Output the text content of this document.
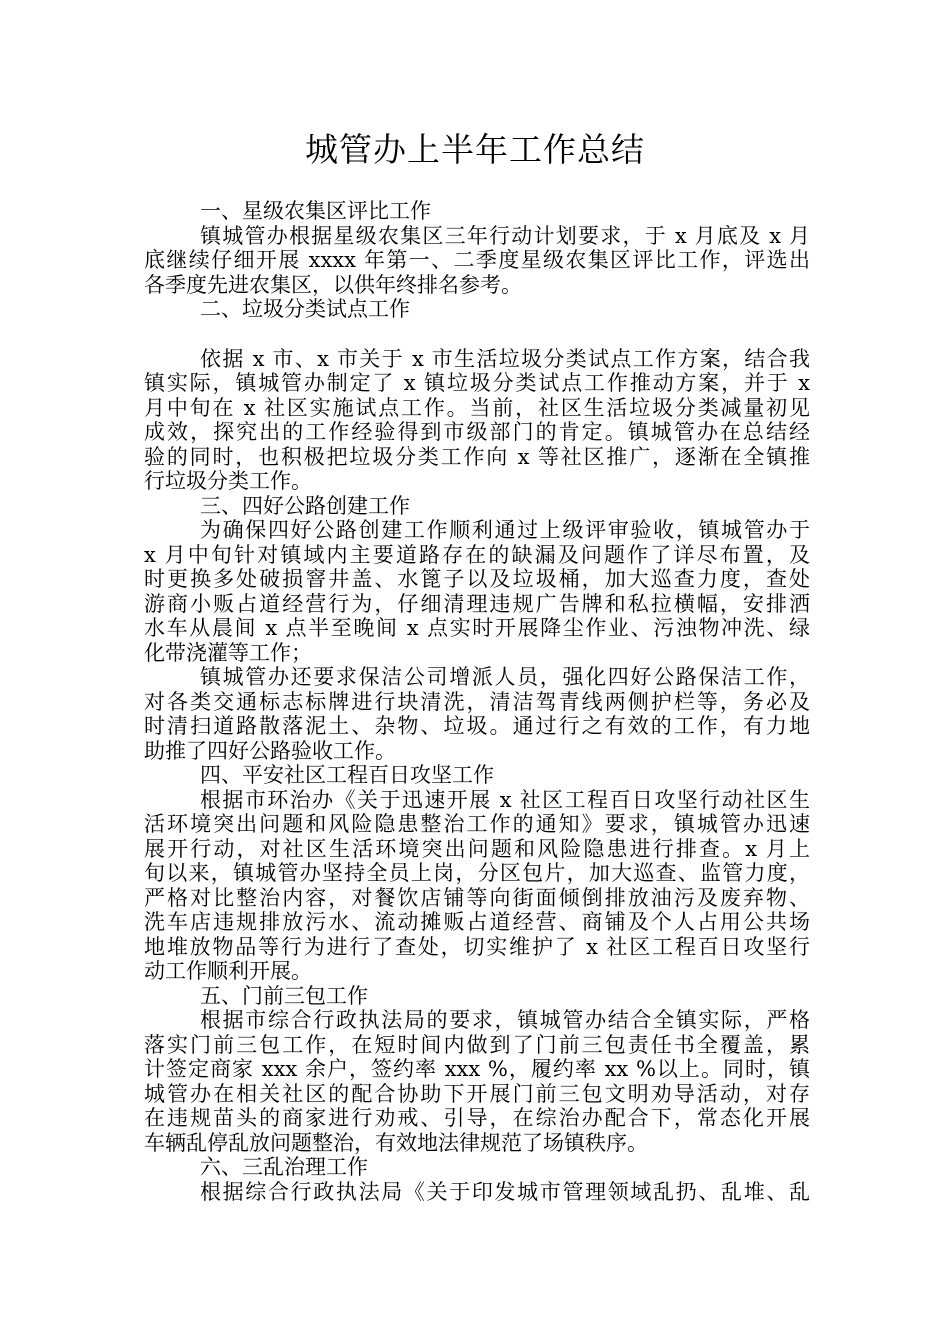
城管办上半年工作总结
一、星级农集区评比工作
镇城管办根据星级农集区三年行动计划要求，于 x 月底及 x 月
底继续仔细开展 xxxx 年第一、二季度星级农集区评比工作，评选出
各季度先进农集区，以供年终排名参考。
二、垃圾分类试点工作
依据 x 市、x 市关于 x 市生活垃圾分类试点工作方案，结合我
镇实际，镇城管办制定了 x 镇垃圾分类试点工作推动方案，并于 x
月中旬在 x 社区实施试点工作。当前，社区生活垃圾分类减量初见
成效，探究出的工作经验得到市级部门的肯定。镇城管办在总结经
验的同时，也积极把垃圾分类工作向 x 等社区推广，逐渐在全镇推
行垃圾分类工作。
三、四好公路创建工作
为确保四好公路创建工作顺利通过上级评审验收，镇城管办于
x 月中旬针对镇域内主要道路存在的缺漏及问题作了详尽布置，及
时更换多处破损窨井盖、水篦子以及垃圾桶，加大巡查力度，查处
游商小贩占道经营行为，仔细清理违规广告牌和私拉横幅，安排洒
水车从晨间 x 点半至晚间 x 点实时开展降尘作业、污浊物冲洗、绿
化带浇灌等工作；
镇城管办还要求保洁公司增派人员，强化四好公路保洁工作，
对各类交通标志标牌进行块清洗，清洁驾青线两侧护栏等，务必及
时清扫道路散落泥土、杂物、垃圾。通过行之有效的工作，有力地
助推了四好公路验收工作。
四、平安社区工程百日攻坚工作
根据市环治办《关于迅速开展 x 社区工程百日攻坚行动社区生
活环境突出问题和风险隐患整治工作的通知》要求，镇城管办迅速
展开行动，对社区生活环境突出问题和风险隐患进行排查。x 月上
旬以来，镇城管办坚持全员上岗，分区包片，加大巡查、监管力度，
严格对比整治内容，对餐饮店铺等向街面倾倒排放油污及废弃物、
洗车店违规排放污水、流动摊贩占道经营、商铺及个人占用公共场
地堆放物品等行为进行了查处，切实维护了 x 社区工程百日攻坚行
动工作顺利开展。
五、门前三包工作
根据市综合行政执法局的要求，镇城管办结合全镇实际，严格
落实门前三包工作，在短时间内做到了门前三包责任书全覆盖，累
计签定商家 xxx 余户，签约率 xxx %，履约率 xx %以上。同时，镇
城管办在相关社区的配合协助下开展门前三包文明劝导活动，对存
在违规苗头的商家进行劝戒、引导，在综治办配合下，常态化开展
车辆乱停乱放问题整治，有效地法律规范了场镇秩序。
六、三乱治理工作
根据综合行政执法局《关于印发城市管理领域乱扔、乱堆、乱
